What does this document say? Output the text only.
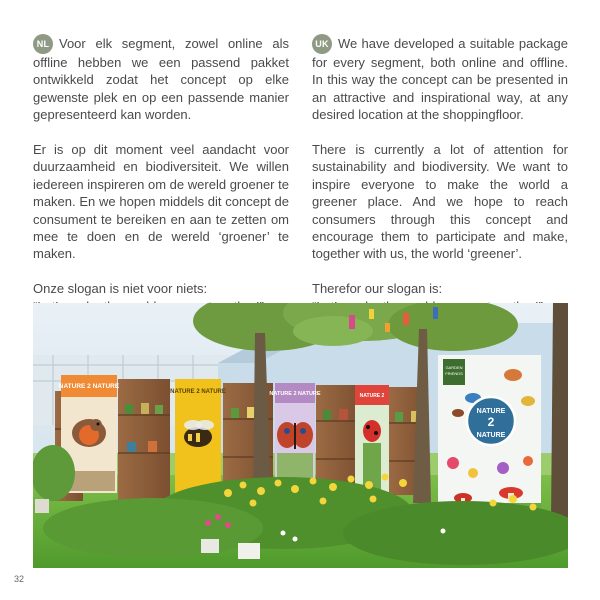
NL Voor elk segment, zowel online als offline hebben we een passend pakket ontwikkeld zodat het concept op elke gewenste plek en op een passende manier gepresenteerd kan worden.

Er is op dit moment veel aandacht voor duurzaamheid en biodiversiteit. We willen iedereen inspireren om de wereld groener te maken. En we hopen middels dit concept de consument te bereiken en aan te zetten om mee te doen en de wereld ‘groener’ te maken.

Onze slogan is niet voor niets:

UK We have developed a suitable package for every segment, both online and offline. In this way the concept can be presented in an attractive and inspirational way, at any desired location at the shoppingfloor.

There is currently a lot of attention for sustainability and biodiversity. We want to inspire everyone to make the world a greener place. And we hope to reach consumers through this concept and encourage them to participate and make, together with us, the world ‘greener’.

Therefor our slogan is:

NATURE 2 NATURE
NATURE 2 NATURE	NATURE 2 NATURE	NATURE 2
GARDEN
FRIENDS
NATURE
2
NATURE
32
